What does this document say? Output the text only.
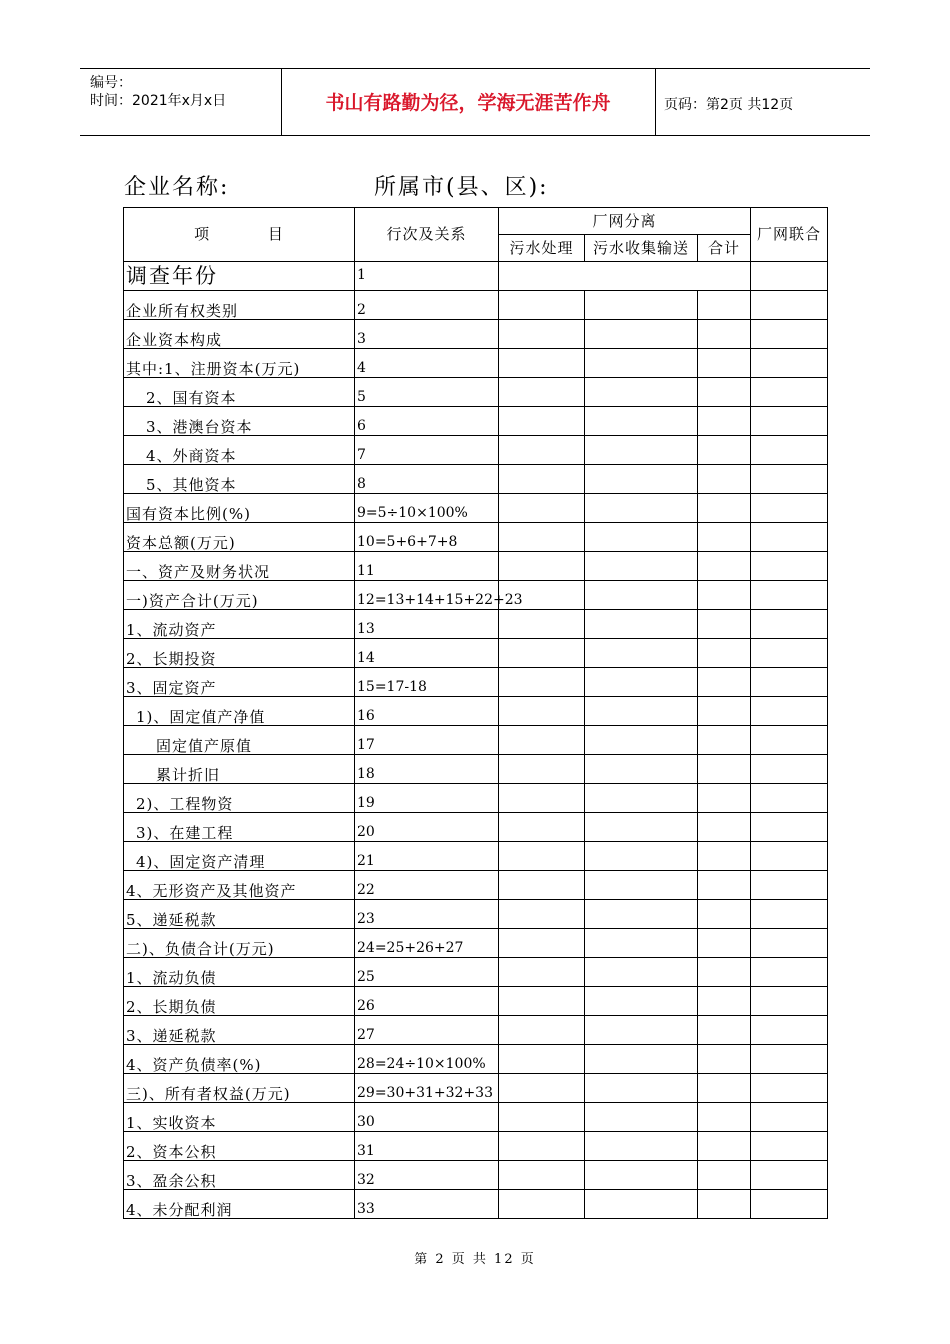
编号：
时间：2021年x月x日	书山有路勤为径，学海无涯苦作舟	页码：第2页 共12页
企业名称:	所属市(县、区):
项          目	行次及关系	厂网分离			厂网联合
		污水处理	污水收集输送	合计	
调查年份	1				
企业所有权类别	2				
企业资本构成	3				
其中:1、注册资本(万元)	4				
2、国有资本	5				
3、港澳台资本	6				
4、外商资本	7				
5、其他资本	8				
国有资本比例(%)	9=5÷10×100%				
资本总额(万元)	10=5+6+7+8				
一、资产及财务状况	11				
一)资产合计(万元)	12=13+14+15+22+23				
1、流动资产	13				
2、长期投资	14				
3、固定资产	15=17-18				
1)、固定值产净值	16				
固定值产原值	17				
累计折旧	18				
2)、工程物资	19				
3)、在建工程	20				
4)、固定资产清理	21				
4、无形资产及其他资产	22				
5、递延税款	23				
二)、负债合计(万元)	24=25+26+27				
1、流动负债	25				
2、长期负债	26				
3、递延税款	27				
4、资产负债率(%)	28=24÷10×100%				
三)、所有者权益(万元)	29=30+31+32+33				
1、实收资本	30				
2、资本公积	31				
3、盈余公积	32				
4、未分配利润	33				
第 2 页 共 12 页
